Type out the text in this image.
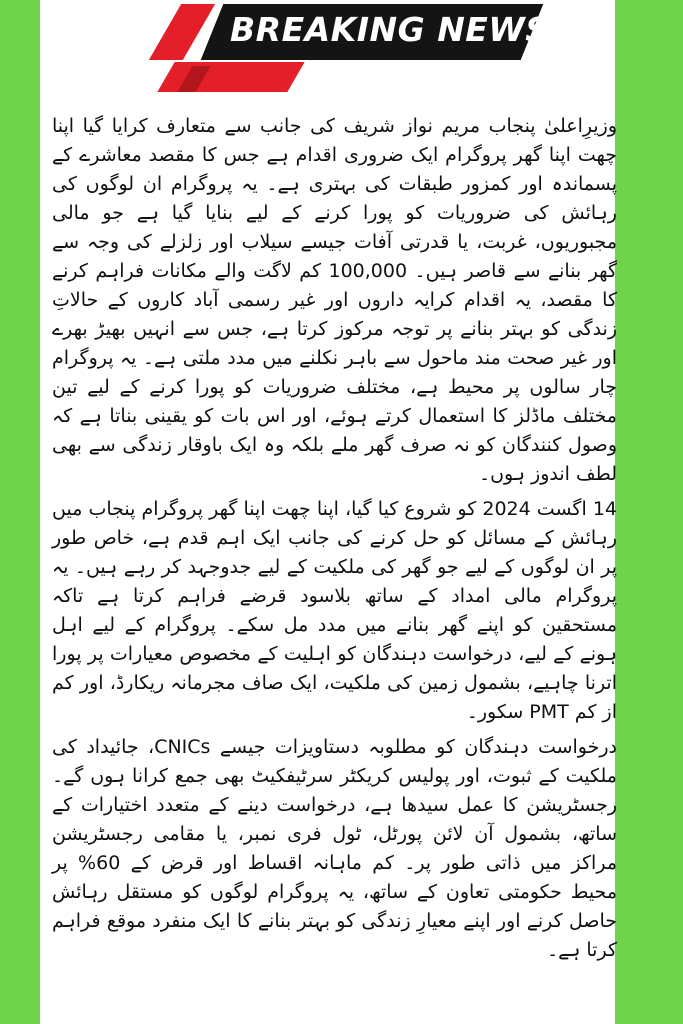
BREAKING NEWS

وزیرِاعلیٰ پنجاب مریم نواز شریف کی جانب سے متعارف کرایا گیا اپنا چھت اپنا گھر پروگرام ایک ضروری اقدام ہے جس کا مقصد معاشرے کے پسماندہ اور کمزور طبقات کی بہتری ہے۔ یہ پروگرام ان لوگوں کی رہائش کی ضروریات کو پورا کرنے کے لیے بنایا گیا ہے جو مالی مجبوریوں، غربت، یا قدرتی آفات جیسے سیلاب اور زلزلے کی وجہ سے گھر بنانے سے قاصر ہیں۔ 100,000 کم لاگت والے مکانات فراہم کرنے کا مقصد، یہ اقدام کرایہ داروں اور غیر رسمی آباد کاروں کے حالاتِ زندگی کو بہتر بنانے پر توجہ مرکوز کرتا ہے، جس سے انہیں بھیڑ بھرے اور غیر صحت مند ماحول سے باہر نکلنے میں مدد ملتی ہے۔ یہ پروگرام چار سالوں پر محیط ہے، مختلف ضروریات کو پورا کرنے کے لیے تین مختلف ماڈلز کا استعمال کرتے ہوئے، اور اس بات کو یقینی بناتا ہے کہ وصول کنندگان کو نہ صرف گھر ملے بلکہ وہ ایک باوقار زندگی سے بھی لطف اندوز ہوں۔

14 اگست 2024 کو شروع کیا گیا، اپنا چھت اپنا گھر پروگرام پنجاب میں رہائش کے مسائل کو حل کرنے کی جانب ایک اہم قدم ہے، خاص طور پر ان لوگوں کے لیے جو گھر کی ملکیت کے لیے جدوجہد کر رہے ہیں۔ یہ پروگرام مالی امداد کے ساتھ بلاسود قرضے فراہم کرتا ہے تاکہ مستحقین کو اپنے گھر بنانے میں مدد مل سکے۔ پروگرام کے لیے اہل ہونے کے لیے، درخواست دہندگان کو اہلیت کے مخصوص معیارات پر پورا اترنا چاہیے، بشمول زمین کی ملکیت، ایک صاف مجرمانہ ریکارڈ، اور کم از کم PMT سکور۔

درخواست دہندگان کو مطلوبہ دستاویزات جیسے CNICs، جائیداد کی ملکیت کے ثبوت، اور پولیس کریکٹر سرٹیفکیٹ بھی جمع کرانا ہوں گے۔ رجسٹریشن کا عمل سیدھا ہے، درخواست دینے کے متعدد اختیارات کے ساتھ، بشمول آن لائن پورٹل، ٹول فری نمبر، یا مقامی رجسٹریشن مراکز میں ذاتی طور پر۔ کم ماہانہ اقساط اور قرض کے 60% پر محیط حکومتی تعاون کے ساتھ، یہ پروگرام لوگوں کو مستقل رہائش حاصل کرنے اور اپنے معیارِ زندگی کو بہتر بنانے کا ایک منفرد موقع فراہم کرتا ہے۔
